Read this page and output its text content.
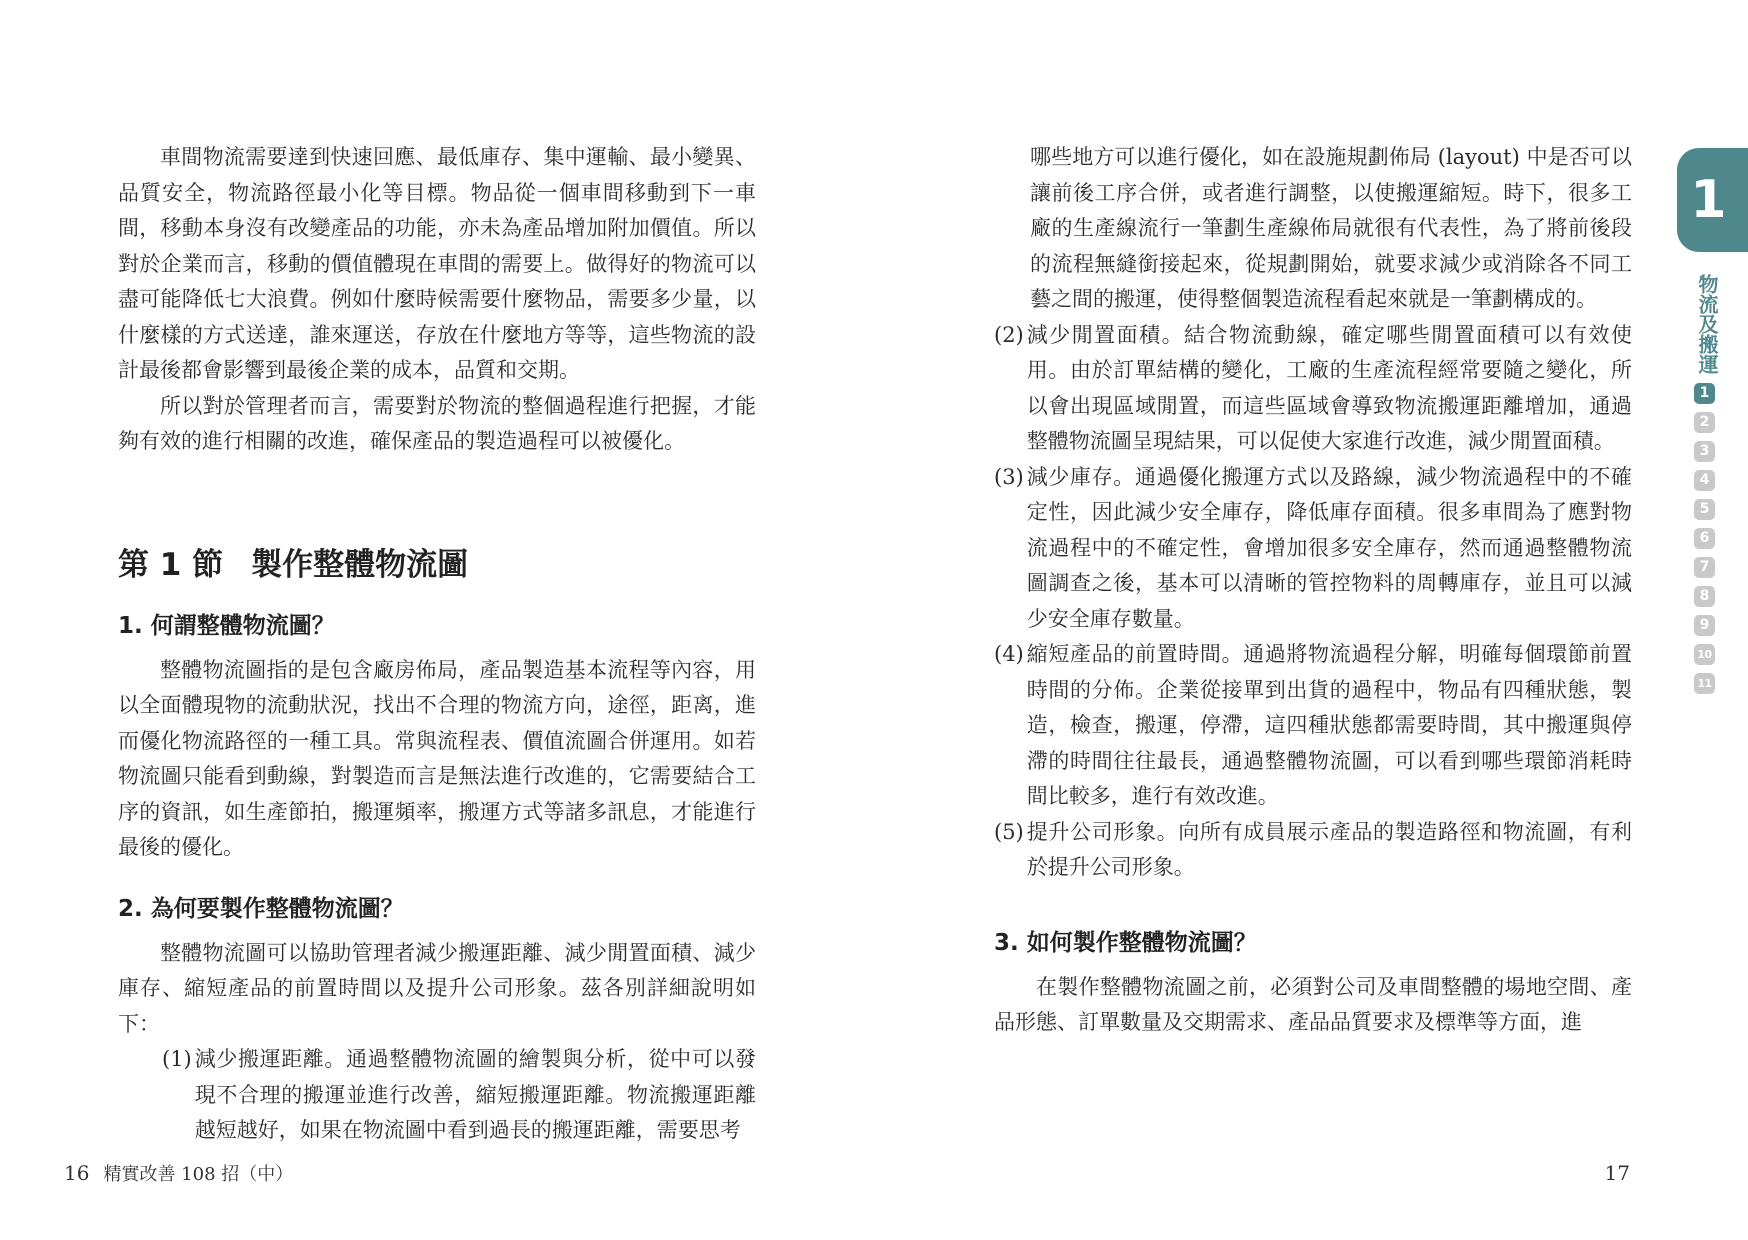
車間物流需要達到快速回應、最低庫存、集中運輸、最小變異、品質安全，物流路徑最小化等目標。物品從一個車間移動到下一車間，移動本身沒有改變產品的功能，亦未為產品增加附加價值。所以對於企業而言，移動的價值體現在車間的需要上。做得好的物流可以盡可能降低七大浪費。例如什麼時候需要什麼物品，需要多少量，以什麼樣的方式送達，誰來運送，存放在什麼地方等等，這些物流的設計最後都會影響到最後企業的成本，品質和交期。

所以對於管理者而言，需要對於物流的整個過程進行把握，才能夠有效的進行相關的改進，確保產品的製造過程可以被優化。

第 1 節 製作整體物流圖
1. 何謂整體物流圖？

整體物流圖指的是包含廠房佈局，產品製造基本流程等內容，用以全面體現物的流動狀況，找出不合理的物流方向，途徑，距离，進而優化物流路徑的一種工具。常與流程表、價值流圖合併運用。如若物流圖只能看到動線，對製造而言是無法進行改進的，它需要結合工序的資訊，如生產節拍，搬運頻率，搬運方式等諸多訊息，才能進行最後的優化。

2. 為何要製作整體物流圖？

整體物流圖可以協助管理者減少搬運距離、減少閒置面積、減少庫存、縮短產品的前置時間以及提升公司形象。茲各別詳細說明如下：

(1) 減少搬運距離。通過整體物流圖的繪製與分析，從中可以發現不合理的搬運並進行改善，縮短搬運距離。物流搬運距離越短越好，如果在物流圖中看到過長的搬運距離，需要思考
16 精實改善 108 招（中）

哪些地方可以進行優化，如在設施規劃佈局 (layout) 中是否可以讓前後工序合併，或者進行調整，以使搬運縮短。時下，很多工廠的生產線流行一筆劃生產線佈局就很有代表性，為了將前後段的流程無縫銜接起來，從規劃開始，就要求減少或消除各不同工藝之間的搬運，使得整個製造流程看起來就是一筆劃構成的。

(2) 減少閒置面積。結合物流動線，確定哪些閒置面積可以有效使用。由於訂單結構的變化，工廠的生產流程經常要隨之變化，所以會出現區域閒置，而這些區域會導致物流搬運距離增加，通過整體物流圖呈現結果，可以促使大家進行改進，減少閒置面積。
(3) 減少庫存。通過優化搬運方式以及路線，減少物流過程中的不確定性，因此減少安全庫存，降低庫存面積。很多車間為了應對物流過程中的不確定性，會增加很多安全庫存，然而通過整體物流圖調查之後，基本可以清晰的管控物料的周轉庫存，並且可以減少安全庫存數量。
(4) 縮短產品的前置時間。通過將物流過程分解，明確每個環節前置時間的分佈。企業從接單到出貨的過程中，物品有四種狀態，製造，檢查，搬運，停滯，這四種狀態都需要時間，其中搬運與停滯的時間往往最長，通過整體物流圖，可以看到哪些環節消耗時間比較多，進行有效改進。
(5) 提升公司形象。向所有成員展示產品的製造路徑和物流圖，有利於提升公司形象。
3. 如何製作整體物流圖？

在製作整體物流圖之前，必須對公司及車間整體的場地空間、產品形態、訂單數量及交期需求、產品品質要求及標準等方面，進

17
1
物流及搬運
1
2
3
4
5
6
7
8
9
10
11
